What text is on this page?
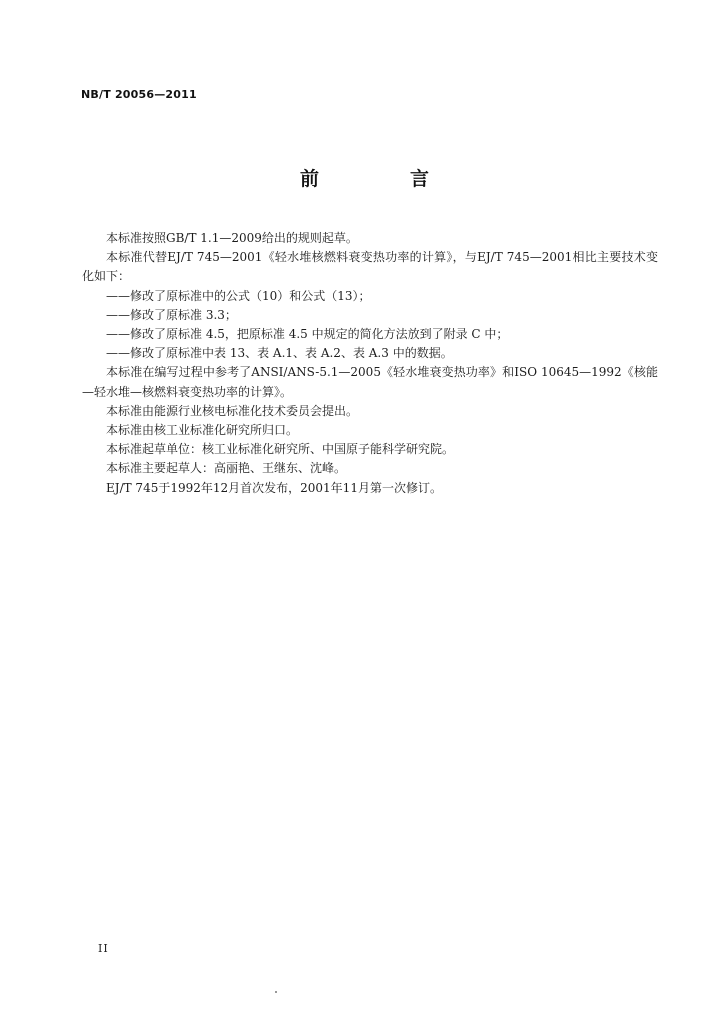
NB/T 20056—2011
前　言

本标准按照GB/T 1.1—2009给出的规则起草。

本标准代替EJ/T 745—2001《轻水堆核燃料衰变热功率的计算》，与EJ/T 745—2001相比主要技术变化如下：

——修改了原标准中的公式（10）和公式（13）；

——修改了原标准 3.3；

——修改了原标准 4.5，把原标准 4.5 中规定的简化方法放到了附录 C 中；

——修改了原标准中表 13、表 A.1、表 A.2、表 A.3 中的数据。

本标准在编写过程中参考了ANSI/ANS-5.1—2005《轻水堆衰变热功率》和ISO 10645—1992《核能—轻水堆—核燃料衰变热功率的计算》。

本标准由能源行业核电标准化技术委员会提出。

本标准由核工业标准化研究所归口。

本标准起草单位：核工业标准化研究所、中国原子能科学研究院。

本标准主要起草人：高丽艳、王继东、沈峰。

EJ/T 745于1992年12月首次发布，2001年11月第一次修订。

II
